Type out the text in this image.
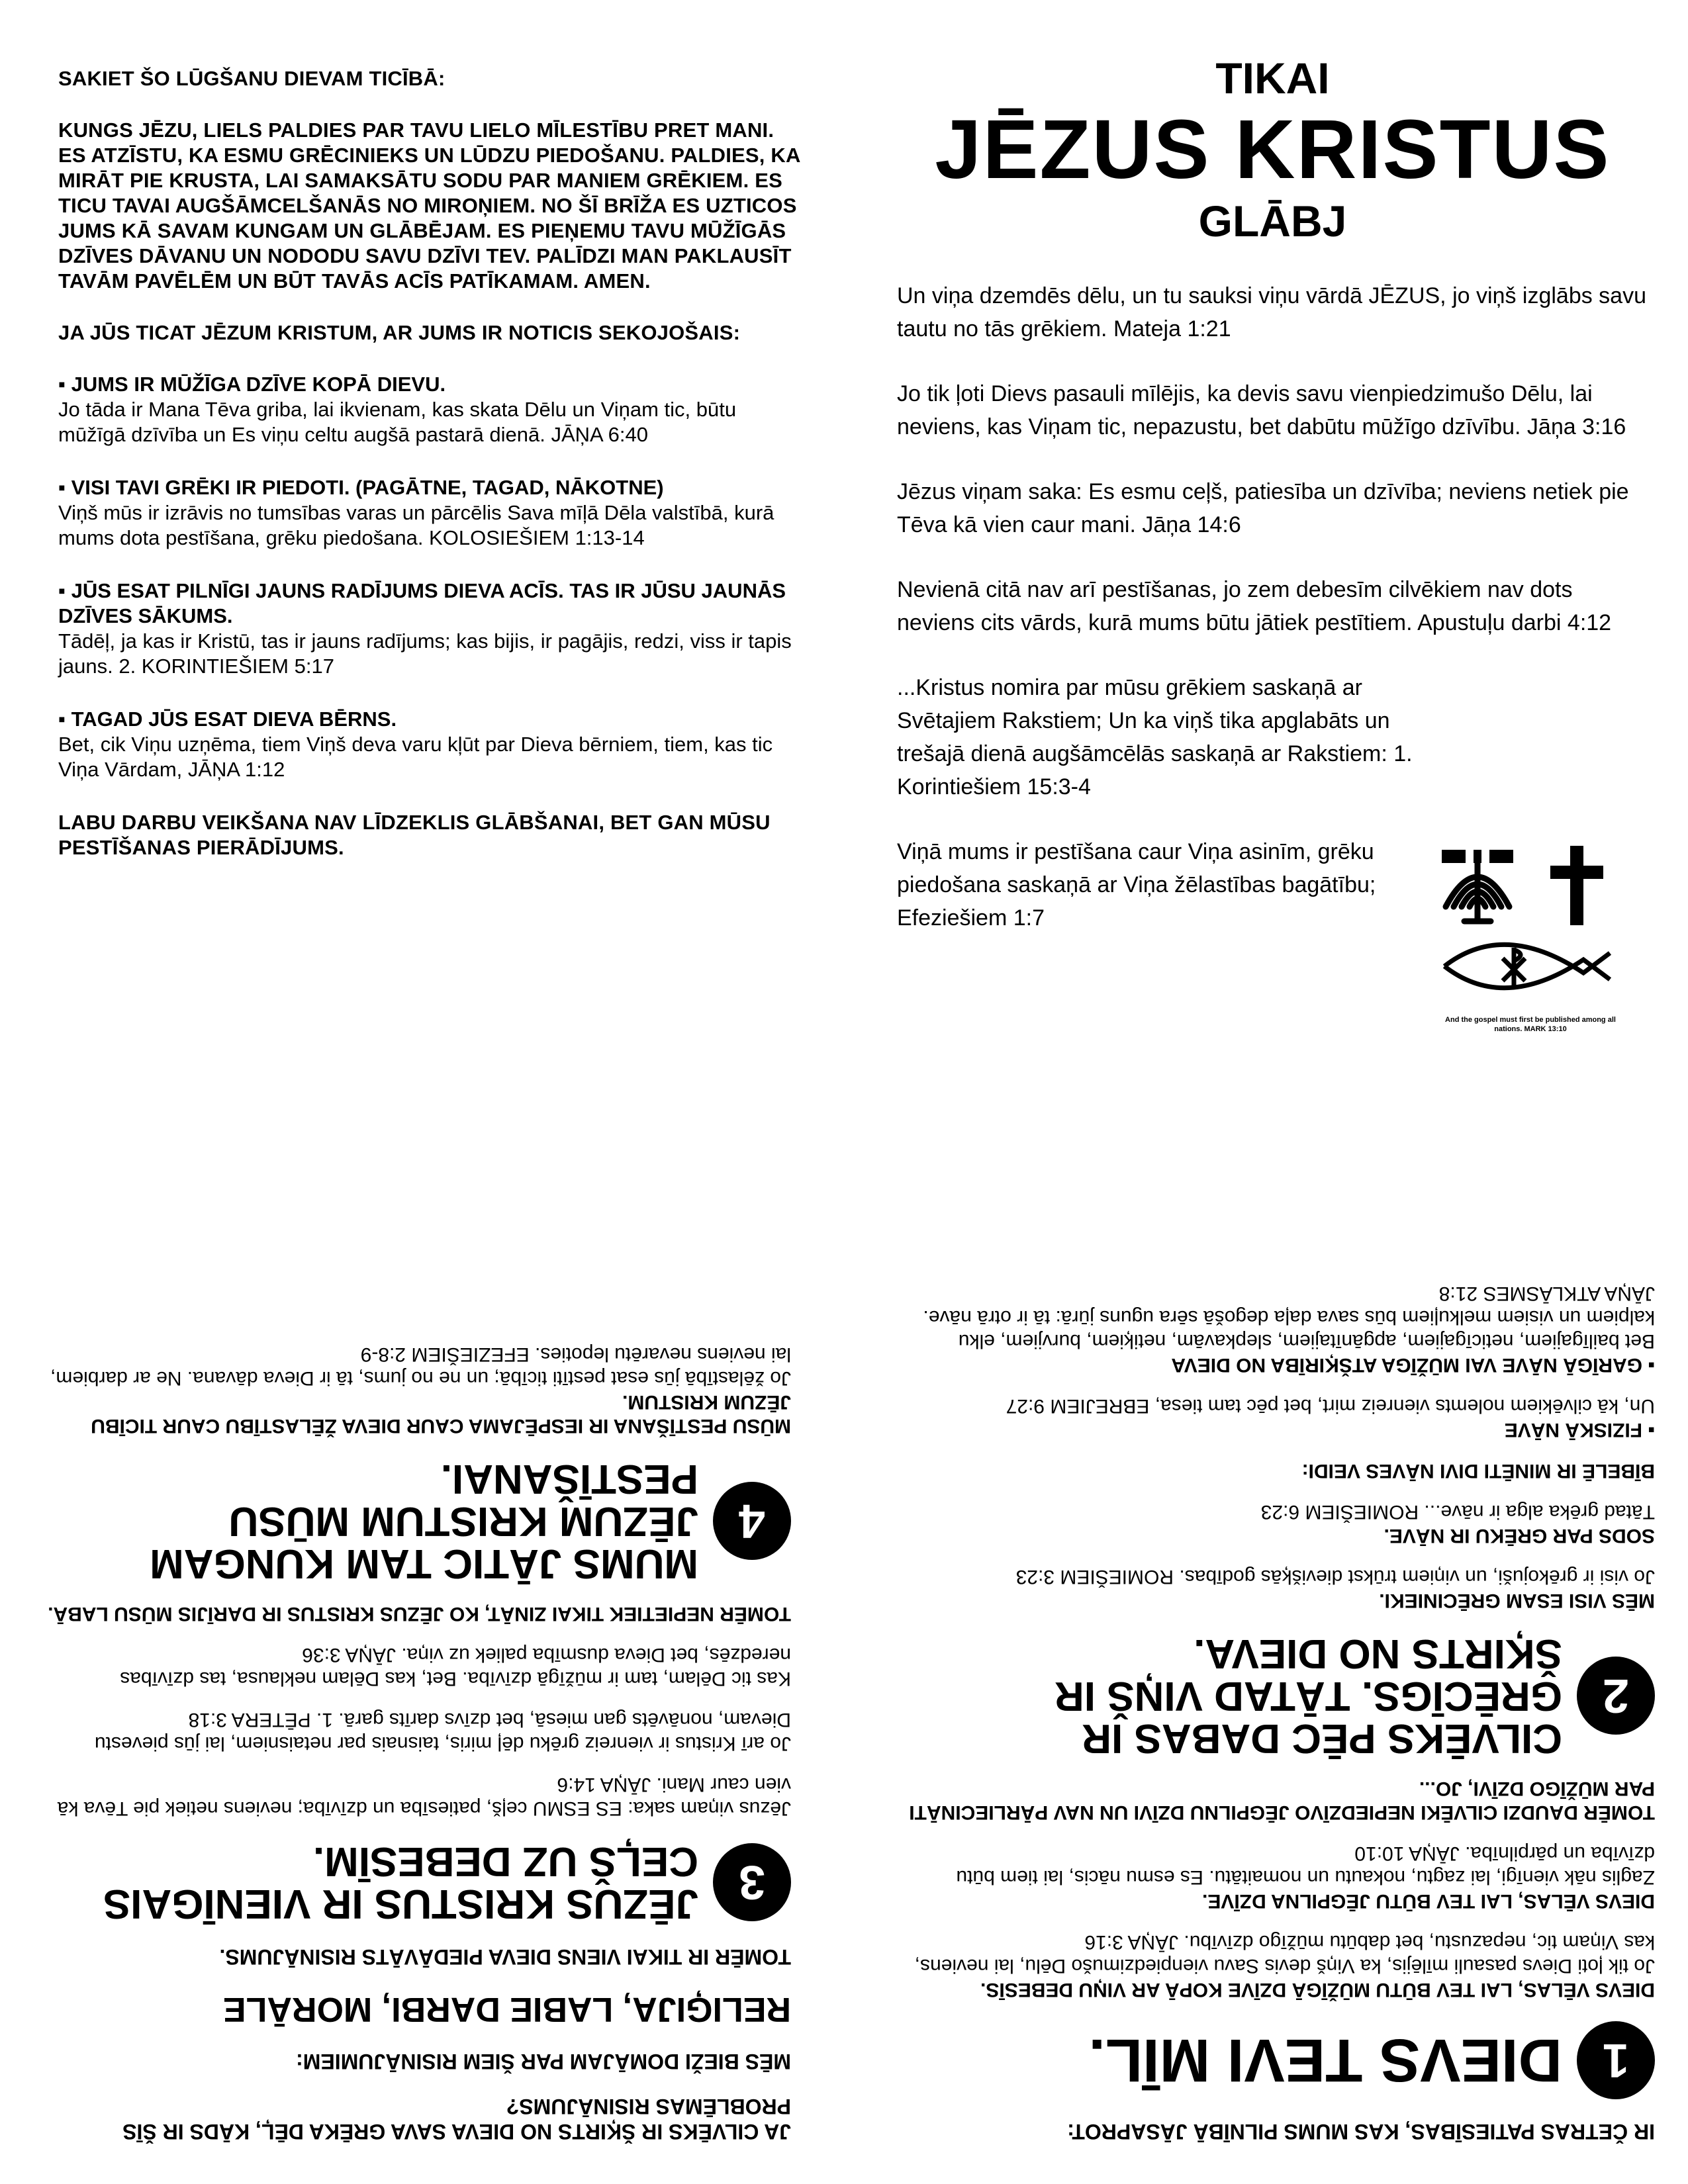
SAKIET ŠO LŪGŠANU DIEVAM TICĪBĀ:

KUNGS JĒZU, LIELS PALDIES PAR TAVU LIELO MĪLESTĪBU PRET MANI. ES ATZĪSTU, KA ESMU GRĒCINIEKS UN LŪDZU PIEDOŠANU. PALDIES, KA MIRĀT PIE KRUSTA, LAI SAMAKSĀTU SODU PAR MANIEM GRĒKIEM. ES TICU TAVAI AUGŠĀMCELŠANĀS NO MIROŅIEM. NO ŠĪ BRĪŽA ES UZTICOS JUMS KĀ SAVAM KUNGAM UN GLĀBĒJAM. ES PIEŅEMU TAVU MŪŽĪGĀS DZĪVES DĀVANU UN NODODU SAVU DZĪVI TEV. PALĪDZI MAN PAKLAUSĪT TAVĀM PAVĒLĒM UN BŪT TAVĀS ACĪS PATĪKAMAM. AMEN.

JA JŪS TICAT JĒZUM KRISTUM, AR JUMS IR NOTICIS SEKOJOŠAIS:

▪ JUMS IR MŪŽĪGA DZĪVE KOPĀ DIEVU.
Jo tāda ir Mana Tēva griba, lai ikvienam, kas skata Dēlu un Viņam tic, būtu mūžīgā dzīvība un Es viņu celtu augšā pastarā dienā. JĀŅA 6:40
▪ VISI TAVI GRĒKI IR PIEDOTI. (PAGĀTNE, TAGAD, NĀKOTNE)
Viņš mūs ir izrāvis no tumsības varas un pārcēlis Sava mīļā Dēla valstībā, kurā mums dota pestīšana, grēku piedošana. KOLOSIEŠIEM 1:13-14
▪ JŪS ESAT PILNĪGI JAUNS RADĪJUMS DIEVA ACĪS. TAS IR JŪSU JAUNĀS DZĪVES SĀKUMS.
Tādēļ, ja kas ir Kristū, tas ir jauns radījums; kas bijis, ir pagājis, redzi, viss ir tapis jauns. 2. KORINTIEŠIEM 5:17
▪ TAGAD JŪS ESAT DIEVA BĒRNS.
Bet, cik Viņu uzņēma, tiem Viņš deva varu kļūt par Dieva bērniem, tiem, kas tic Viņa Vārdam, JĀŅA 1:12

LABU DARBU VEIKŠANA NAV LĪDZEKLIS GLĀBŠANAI, BET GAN MŪSU PESTĪŠANAS PIERĀDĪJUMS.

TIKAI
JĒZUS KRISTUS
GLĀBJ

Un viņa dzemdēs dēlu, un tu sauksi viņu vārdā JĒZUS, jo viņš izglābs savu tautu no tās grēkiem. Mateja 1:21

Jo tik ļoti Dievs pasauli mīlējis, ka devis savu vienpiedzimušo Dēlu, lai neviens, kas Viņam tic, nepazustu, bet dabūtu mūžīgo dzīvību. Jāņa 3:16

Jēzus viņam saka: Es esmu ceļš, patiesība un dzīvība; neviens netiek pie Tēva kā vien caur mani. Jāņa 14:6

Nevienā citā nav arī pestīšanas, jo zem debesīm cilvēkiem nav dots neviens cits vārds, kurā mums būtu jātiek pestītiem. Apustuļu darbi 4:12

...Kristus nomira par mūsu grēkiem saskaņā ar Svētajiem Rakstiem; Un ka viņš tika apglabāts un trešajā dienā augšāmcēlās saskaņā ar Rakstiem: 1. Korintiešiem 15:3-4

Viņā mums ir pestīšana caur Viņa asinīm, grēku piedošana saskaņā ar Viņa žēlastības bagātību; Efeziešiem 1:7

And the gospel must first be published among all nations. MARK 13:10

JA CILVĒKS IR ŠĶIRTS NO DIEVA SAVA GRĒKA DĒĻ, KĀDS IR ŠĪS PROBLĒMAS RISINĀJUMS?

MĒS BIEŽI DOMĀJAM PAR ŠIEM RISINĀJUMIEM:

RELIĢIJA, LABIE DARBI, MORĀLE

TOMĒR IR TIKAI VIENS DIEVA PIEDĀVĀTS RISINĀJUMS.

3
JĒZUS KRISTUS IR VIENĪGAIS CEĻŠ UZ DEBESĪM.
Jēzus viņam saka: ES ESMU ceļš, patiesība un dzīvība; neviens netiek pie Tēva kā vien caur Mani. JĀŅA 14:6
Jo arī Kristus ir vienreiz grēku dēļ miris, taisnais par netaisniem, lai jūs pievestu Dievam, nonāvēts gan miesā, bet dzīvs darīts garā. 1. PĒTERA 3:18
Kas tic Dēlam, tam ir mūžīgā dzīvība. Bet, kas Dēlam neklausa, tas dzīvības neredzēs, bet Dieva dusmība paliek uz viņa. JĀŅA 3:36
TOMĒR NEPIETIEK TIKAI ZINĀT, KO JĒZUS KRISTUS IR DARĪJIS MŪSU LABĀ.
4
MUMS JĀTIC TAM KUNGAM JĒZUM KRISTUM MŪSU PESTĪŠANAI.
MŪSU PESTĪŠANA IR IESPĒJAMA CAUR DIEVA ŽĒLASTĪBU CAUR TICĪBU JĒZUM KRISTUM.
Jo žēlastībā jūs esat pestīti ticībā; un ne no jums, tā ir Dieva dāvana. Ne ar darbiem, lai neviens nevarētu lepoties. EFEZIEŠIEM 2:8-9

IR ČETRAS PATIESĪBAS, KAS MUMS PILNĪBĀ JĀSAPROT:

1
DIEVS TEVI MĪL.
DIEVS VĒLAS, LAI TEV BŪTU MŪŽĪGĀ DZĪVE KOPĀ AR VIŅU DEBESĪS.
Jo tik ļoti Dievs pasauli mīlējis, ka Viņš devis Savu vienpiedzimušo Dēlu, lai neviens, kas Viņam tic, nepazustu, bet dabūtu mūžīgo dzīvību. JĀŅA 3:16
DIEVS VĒLAS, LAI TEV BŪTU JĒGPILNA DZĪVE.
Zaglis nāk vienīgi, lai zagtu, nokautu un nomaitātu. Es esmu nācis, lai tiem būtu dzīvība un pārpilnība. JĀŅA 10:10
TOMĒR DAUDZI CILVĒKI NEPIEDZĪVO JĒGPILNU DZĪVI UN NAV PĀRLIECINĀTI PAR MŪŽĪGO DZĪVI, JO...
2
CILVĒKS PĒC DABAS IR GRĒCĪGS. TĀTAD VIŅŠ IR ŠĶIRTS NO DIEVA.
MĒS VISI ESAM GRĒCINIEKI.
Jo visi ir grēkojuši, un viņiem trūkst dievišķās godības. ROMIEŠIEM 3:23
SODS PAR GRĒKU IR NĀVE.
Tātad grēka alga ir nāve... ROMIEŠIEM 6:23
BĪBELĒ IR MINĒTI DIVI NĀVES VEIDI:
▪ FIZISKĀ NĀVE
Un, kā cilvēkiem nolemts vienreiz mirt, bet pēc tam tiesa, EBREJIEM 9:27
▪ GARĪGĀ NĀVE VAI MŪŽĪGA ATŠĶIRĪBA NO DIEVA
Bet bailīgajiem, neticīgajiem, apgānītajiem, slepkavām, netiķiem, burvjiem, elku kalpiem un visiem melkuļiem būs sava daļa degošā sēra uguns jūrā: tā ir otrā nāve. JĀŅA ATKLĀSMES 21:8
